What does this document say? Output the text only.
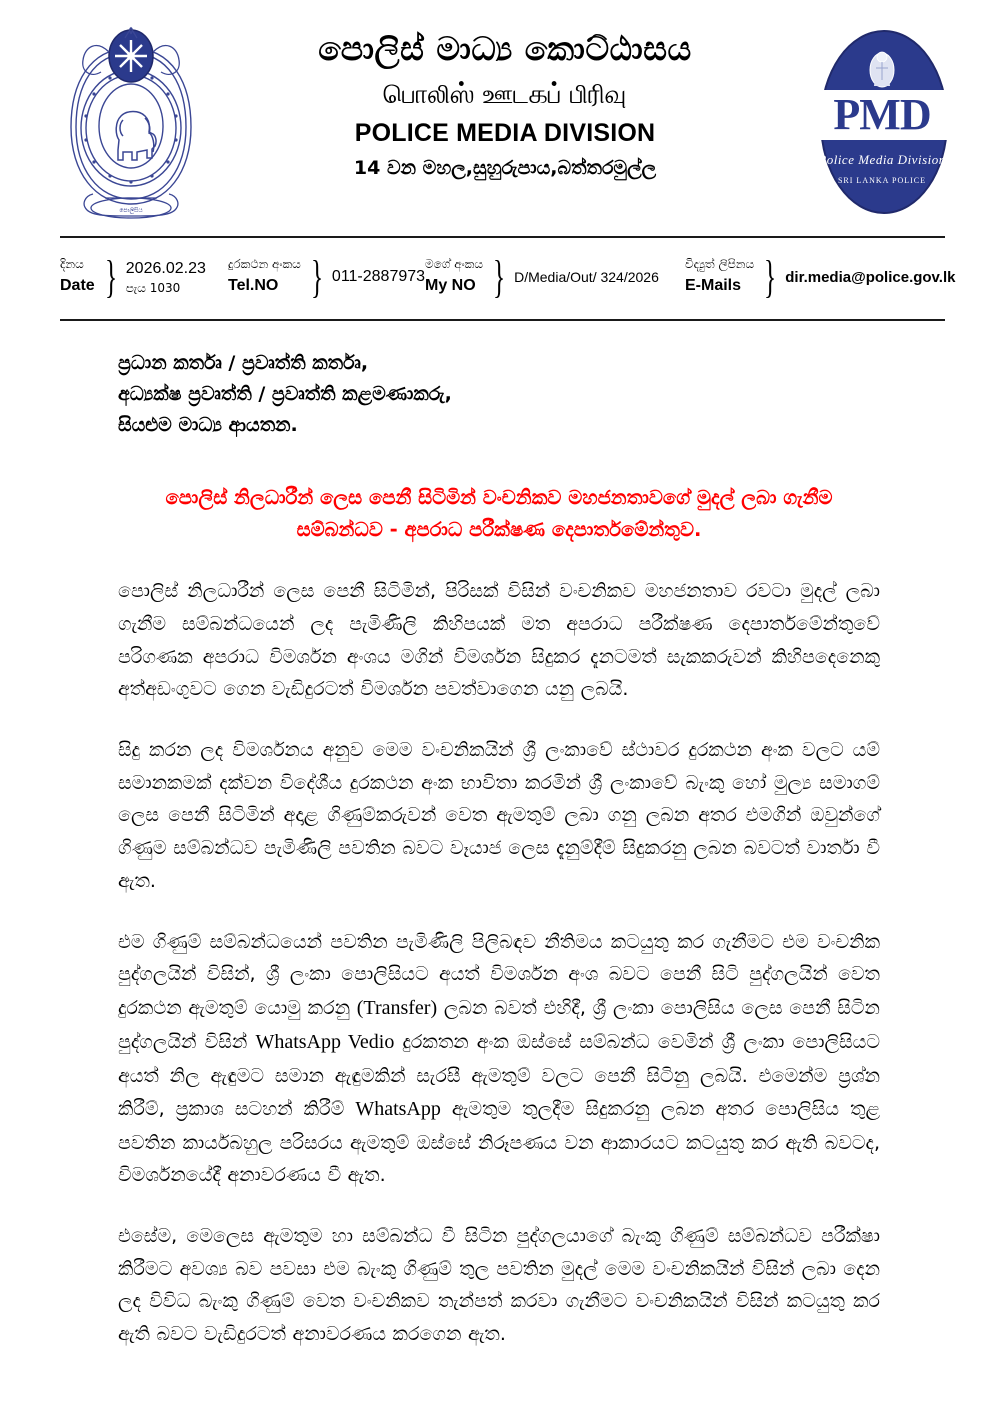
පොලිසිය
පොලිස් මාධ්‍ය කොට්ඨාසය
பொலிஸ் ஊடகப் பிரிவு
POLICE MEDIA DIVISION
14 වන මහල,සුහුරුපාය,බත්තරමුල්ල
PMD
Police Media Division
SRI LANKA POLICE
දිනය
Date } 2026.02.23
පැය 1030
දුරකථන අංකය
Tel.NO } 011-2887973
මගේ අංකය
My NO } D/Media/Out/ 324/2026
විද්‍යුත් ලිපිනය
E-Mails } dir.media@police.gov.lk
ප්‍රධාන කර්තෘ / ප්‍රවෘත්ති කර්තෘ,
අධ්‍යක්ෂ ප්‍රවෘත්ති / ප්‍රවෘත්ති කළමණාකරු,
සියළුම මාධ්‍ය ආයතන.
පොලිස් නිලධාරීන් ලෙස පෙනී සිටිමින් වංචනිකව මහජනතාවගේ මුදල් ලබා ගැනීම
සම්බන්ධව - අපරාධ පරීක්ෂණ දෙපාර්තමේන්තුව.

පොලිස් නිලධාරීන් ලෙස පෙනී සිටිමින්, පිරිසක් විසින් වංචනිකව මහජනතාව රවටා මුදල් ලබා ගැනීම සම්බන්ධයෙන් ලද පැමිණිලි කිහිපයක් මත අපරාධ පරීක්ෂණ දෙපාර්තමේන්තුවේ පරිගණක අපරාධ විමර්ශන අංශය මගින් විමර්ශන සිදුකර දැනටමත් සැකකරුවන් කිහිපදෙනෙකු අත්අඩංගුවට ගෙන වැඩිදුරටත් විමර්ශන පවත්වාගෙන යනු ලබයි.

සිදු කරන ලද විමර්ශනය අනුව මෙම වංචනිකයින් ශ්‍රී ලංකාවේ ස්ථාවර දුරකථන අංක වලට යම් සමානකමක් දක්වන විදේශීය දුරකථන අංක භාවිතා කරමින් ශ්‍රී ලංකාවේ බැංකු හෝ මුල්‍ය සමාගම් ලෙස පෙනී සිටිමින් අදාළ ගිණුම්කරුවන් වෙත ඇමතුම් ලබා ගනු ලබන අතර එමගින් ඔවුන්ගේ ගිණුම සම්බන්ධව පැමිණිලි පවතින බවට වෑයාජ ලෙස දැනුම්දීම් සිදුකරනු ලබන බවටත් වාර්තා වී ඇත.

එම ගිණුම් සම්බන්ධයෙන් පවතින පැමිණිලි පිලිබඳව නීතිමය කටයුතු කර ගැනීමට එම වංචනික පුද්ගලයින් විසින්, ශ්‍රී ලංකා පොලිසියට අයත් විමර්ශන අංශ බවට පෙනී සිටි පුද්ගලයින් වෙත දුරකථන ඇමතුම් යොමු කරනු (Transfer) ලබන බවත් එහිදී, ශ්‍රී ලංකා පොලිසිය ලෙස පෙනී සිටින පුද්ගලයින් විසින් WhatsApp Vedio දුරකතන අංක ඔස්සේ සම්බන්ධ වෙමින් ශ්‍රී ලංකා පොලිසියට අයත් නිල ඇඳුමට සමාන ඇඳුමකින් සැරසී ඇමතුම් වලට පෙනී සිටිනු ලබයි. එමෙන්ම ප්‍රශ්න කිරීම්, ප්‍රකාශ සටහන් කිරීම් WhatsApp ඇමතුම තුලදීම සිදුකරනු ලබන අතර පොලිසිය තුළ පවතින කාර්යබහුල පරිසරය ඇමතුම් ඔස්සේ නිරූපණය වන ආකාරයට කටයුතු කර ඇති බවටද, විමර්ශනයේදී අනාවරණය වී ඇත.

එසේම, මෙලෙස ඇමතුම හා සම්බන්ධ වී සිටින පුද්ගලයාගේ බැංකු ගිණුම් සම්බන්ධව පරීක්ෂා කිරීමට අවශ්‍ය බව පවසා එම බැංකු ගිණුම් තුල පවතින මුදල් මෙම වංචනිකයින් විසින් ලබා දෙන ලද විවිධ බැංකු ගිණුම් වෙත වංචනිකව තැන්පත් කරවා ගැනීමට වංචනිකයින් විසින් කටයුතු කර ඇති බවට වැඩිදුරටත් අනාවරණය කරගෙන ඇත.
